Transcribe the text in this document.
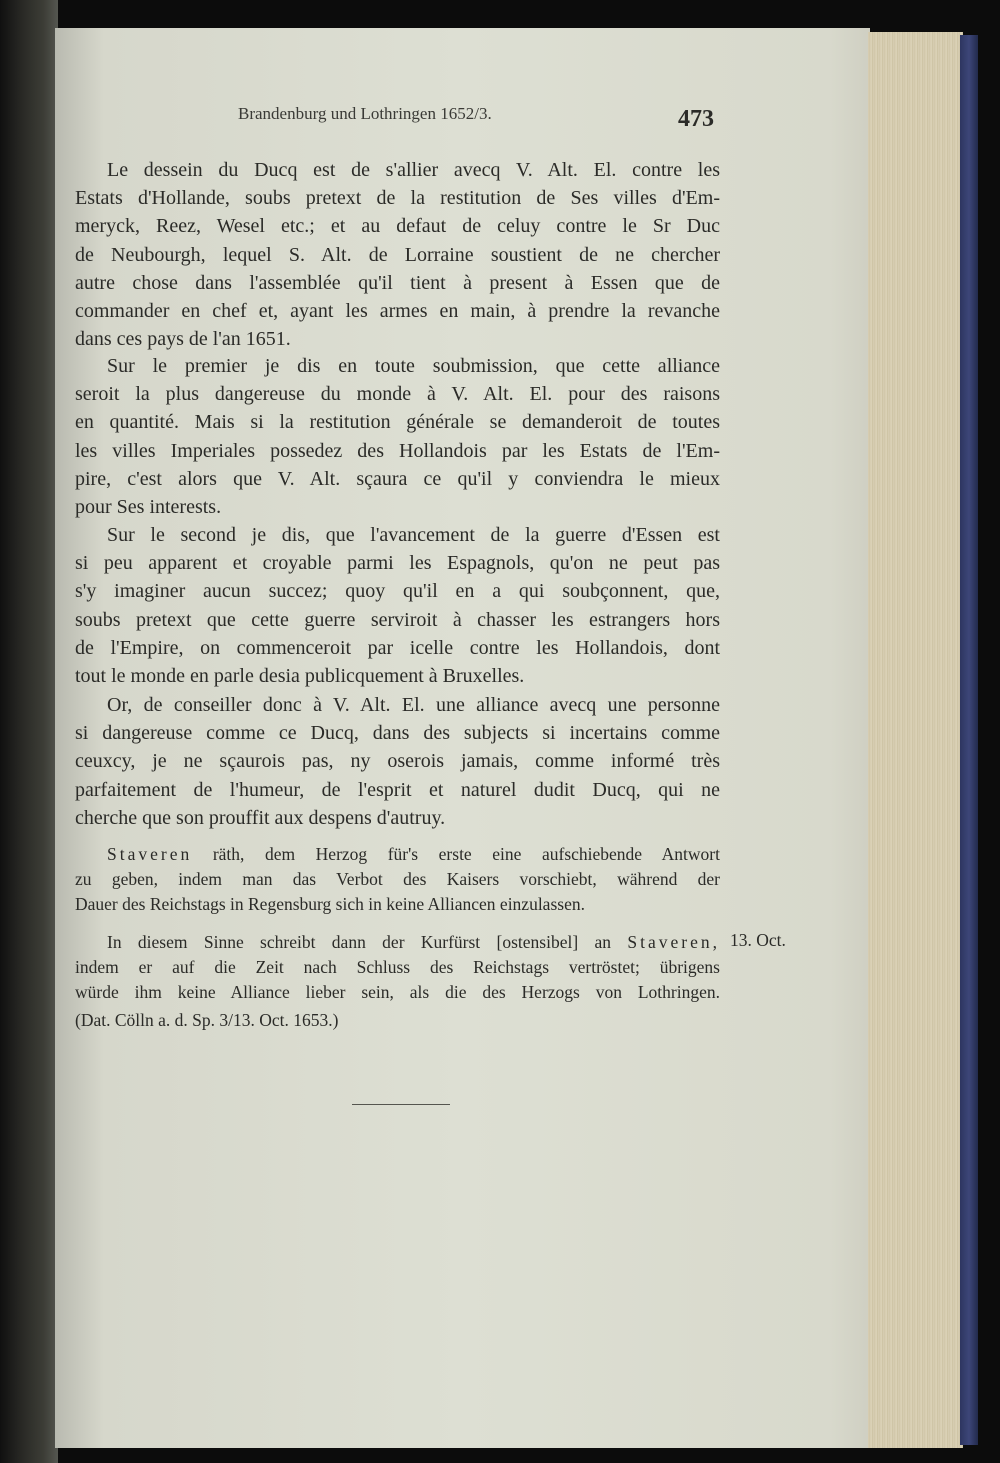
Brandenburg und Lothringen 1652/3.	473
Le dessein du Ducq est de s'allier avecq V. Alt. El. contre les
Estats d'Hollande, soubs pretext de la restitution de Ses villes d'Em-
meryck, Reez, Wesel etc.; et au defaut de celuy contre le Sr Duc
de Neubourgh, lequel S. Alt. de Lorraine soustient de ne chercher
autre chose dans l'assemblée qu'il tient à present à Essen que de
commander en chef et, ayant les armes en main, à prendre la revanche
dans ces pays de l'an 1651.
Sur le premier je dis en toute soubmission, que cette alliance
seroit la plus dangereuse du monde à V. Alt. El. pour des raisons
en quantité. Mais si la restitution générale se demanderoit de toutes
les villes Imperiales possedez des Hollandois par les Estats de l'Em-
pire, c'est alors que V. Alt. sçaura ce qu'il y conviendra le mieux
pour Ses interests.
Sur le second je dis, que l'avancement de la guerre d'Essen est
si peu apparent et croyable parmi les Espagnols, qu'on ne peut pas
s'y imaginer aucun succez; quoy qu'il en a qui soubçonnent, que,
soubs pretext que cette guerre serviroit à chasser les estrangers hors
de l'Empire, on commenceroit par icelle contre les Hollandois, dont
tout le monde en parle desia publicquement à Bruxelles.
Or, de conseiller donc à V. Alt. El. une alliance avecq une personne
si dangereuse comme ce Ducq, dans des subjects si incertains comme
ceuxcy, je ne sçaurois pas, ny oserois jamais, comme informé très
parfaitement de l'humeur, de l'esprit et naturel dudit Ducq, qui ne
cherche que son prouffit aux despens d'autruy.
Staveren räth, dem Herzog für's erste eine aufschiebende Antwort
zu geben, indem man das Verbot des Kaisers vorschiebt, während der
Dauer des Reichstags in Regensburg sich in keine Alliancen einzulassen.
In diesem Sinne schreibt dann der Kurfürst [ostensibel] an Staveren,
indem er auf die Zeit nach Schluss des Reichstags vertröstet; übrigens
würde ihm keine Alliance lieber sein, als die des Herzogs von Lothringen.
(Dat. Cölln a. d. Sp. 3/13. Oct. 1653.)
13. Oct.
